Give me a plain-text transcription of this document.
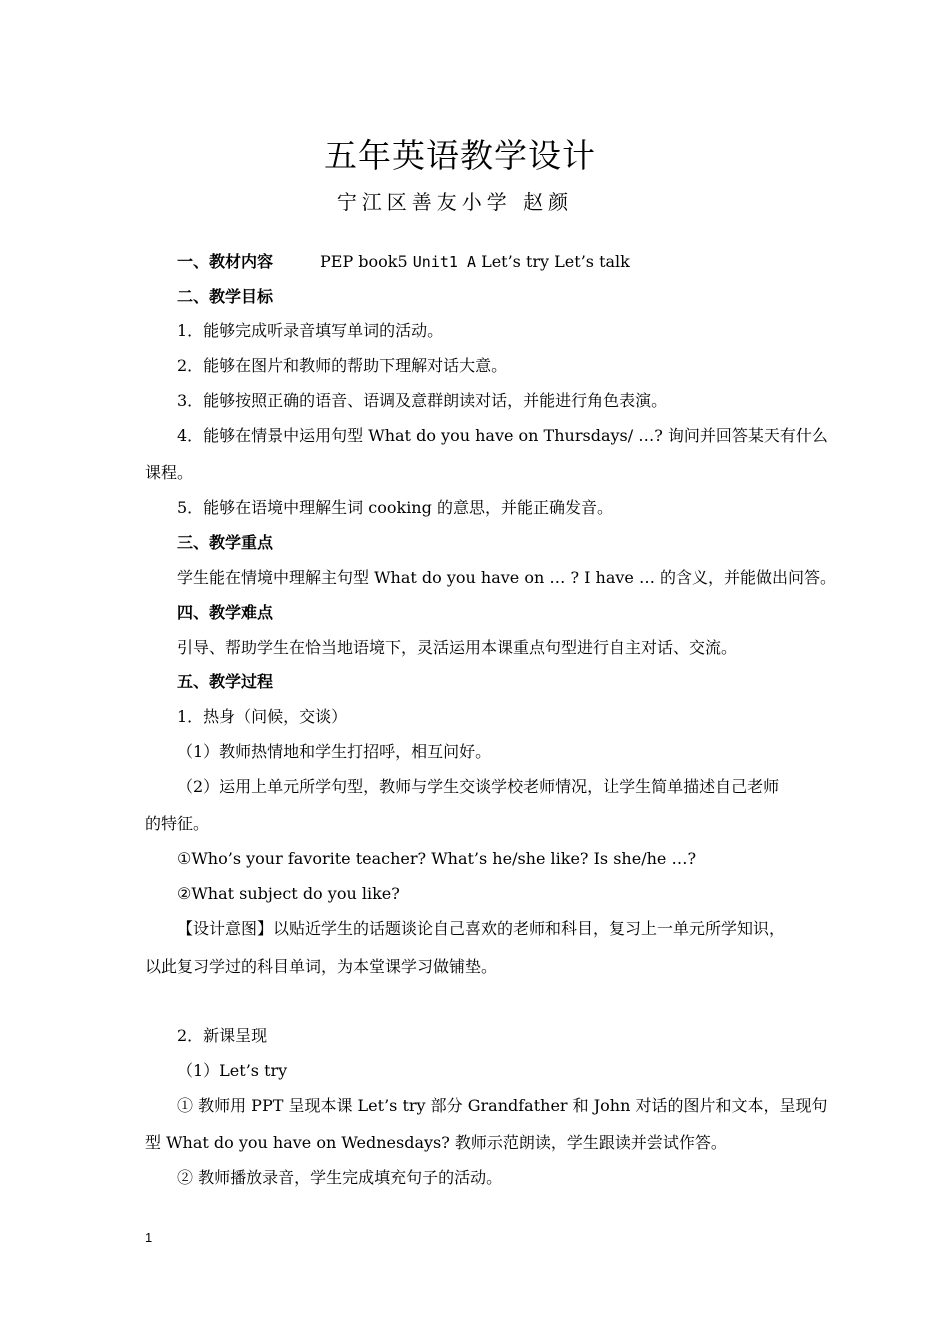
五年英语教学设计
宁江区善友小学 赵颜
一、教材内容	PEP book5 Unit1 A Let’s try Let’s talk
二、教学目标
1．能够完成听录音填写单词的活动。
2．能够在图片和教师的帮助下理解对话大意。
3．能够按照正确的语音、语调及意群朗读对话，并能进行角色表演。
4．能够在情景中运用句型 What do you have on Thursdays/ …? 询问并回答某天有什么
课程。
5．能够在语境中理解生词 cooking 的意思，并能正确发音。
三、教学重点
学生能在情境中理解主句型 What do you have on … ? I have … 的含义，并能做出问答。
四、教学难点
引导、帮助学生在恰当地语境下，灵活运用本课重点句型进行自主对话、交流。
五、教学过程
1．热身（问候，交谈）
（1）教师热情地和学生打招呼，相互问好。
（2）运用上单元所学句型，教师与学生交谈学校老师情况，让学生简单描述自己老师
的特征。
①Who’s your favorite teacher? What’s he/she like? Is she/he …?
②What subject do you like?
【设计意图】以贴近学生的话题谈论自己喜欢的老师和科目，复习上一单元所学知识，
以此复习学过的科目单词，为本堂课学习做铺垫。
2．新课呈现
（1）Let’s try
① 教师用 PPT 呈现本课 Let’s try 部分 Grandfather 和 John 对话的图片和文本，呈现句
型 What do you have on Wednesdays? 教师示范朗读，学生跟读并尝试作答。
② 教师播放录音，学生完成填充句子的活动。
1
